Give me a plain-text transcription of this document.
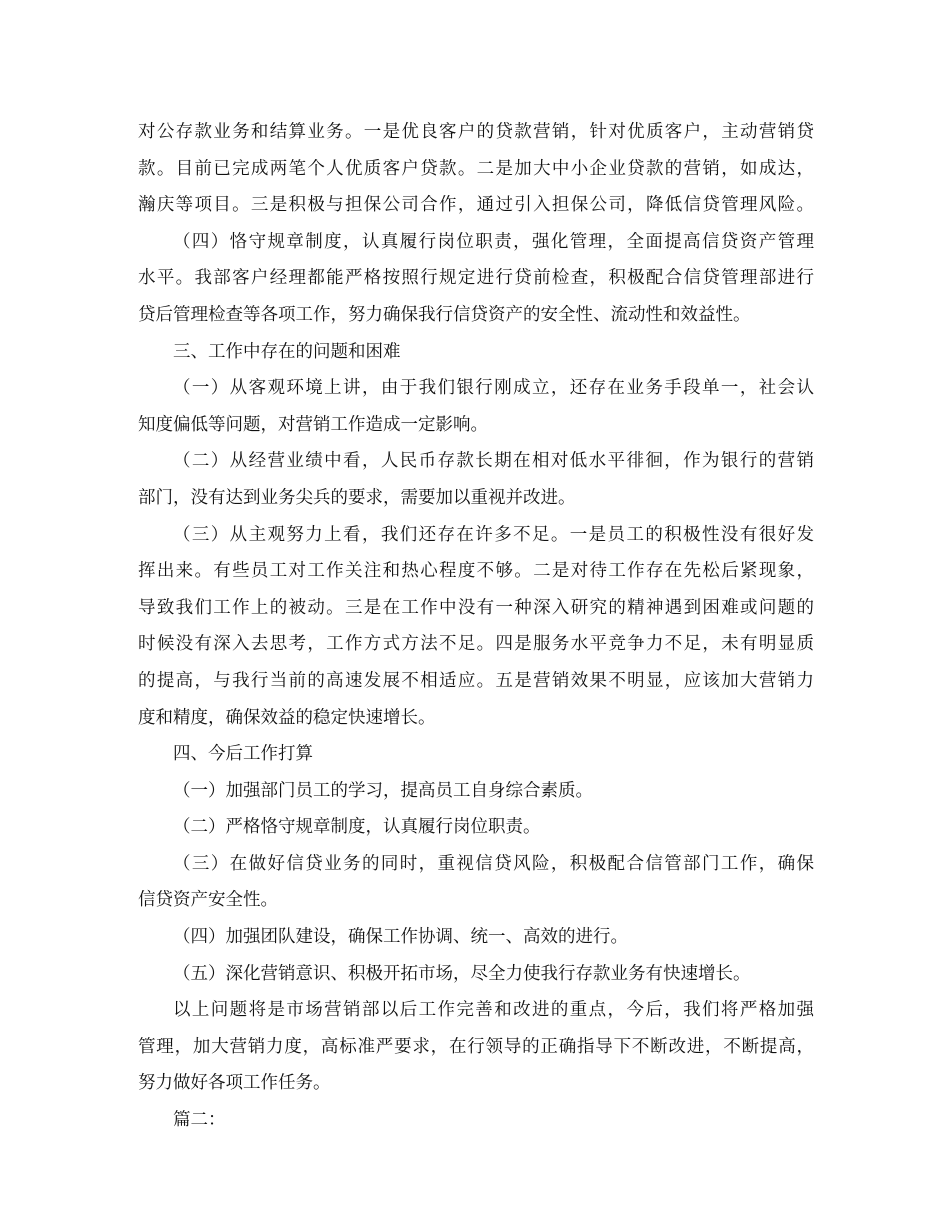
对公存款业务和结算业务。一是优良客户的贷款营销，针对优质客户，主动营销贷
款。目前已完成两笔个人优质客户贷款。二是加大中小企业贷款的营销，如成达，
瀚庆等项目。三是积极与担保公司合作，通过引入担保公司，降低信贷管理风险。
（四）恪守规章制度，认真履行岗位职责，强化管理，全面提高信贷资产管理
水平。我部客户经理都能严格按照行规定进行贷前检查，积极配合信贷管理部进行
贷后管理检查等各项工作，努力确保我行信贷资产的安全性、流动性和效益性。
三、工作中存在的问题和困难
（一）从客观环境上讲，由于我们银行刚成立，还存在业务手段单一，社会认
知度偏低等问题，对营销工作造成一定影响。
（二）从经营业绩中看，人民币存款长期在相对低水平徘徊，作为银行的营销
部门，没有达到业务尖兵的要求，需要加以重视并改进。
（三）从主观努力上看，我们还存在许多不足。一是员工的积极性没有很好发
挥出来。有些员工对工作关注和热心程度不够。二是对待工作存在先松后紧现象，
导致我们工作上的被动。三是在工作中没有一种深入研究的精神遇到困难或问题的
时候没有深入去思考，工作方式方法不足。四是服务水平竞争力不足，未有明显质
的提高，与我行当前的高速发展不相适应。五是营销效果不明显，应该加大营销力
度和精度，确保效益的稳定快速增长。
四、今后工作打算
（一）加强部门员工的学习，提高员工自身综合素质。
（二）严格恪守规章制度，认真履行岗位职责。
（三）在做好信贷业务的同时，重视信贷风险，积极配合信管部门工作，确保
信贷资产安全性。
（四）加强团队建设，确保工作协调、统一、高效的进行。
（五）深化营销意识、积极开拓市场，尽全力使我行存款业务有快速增长。
以上问题将是市场营销部以后工作完善和改进的重点，今后，我们将严格加强
管理，加大营销力度，高标准严要求，在行领导的正确指导下不断改进，不断提高，
努力做好各项工作任务。
篇二：
